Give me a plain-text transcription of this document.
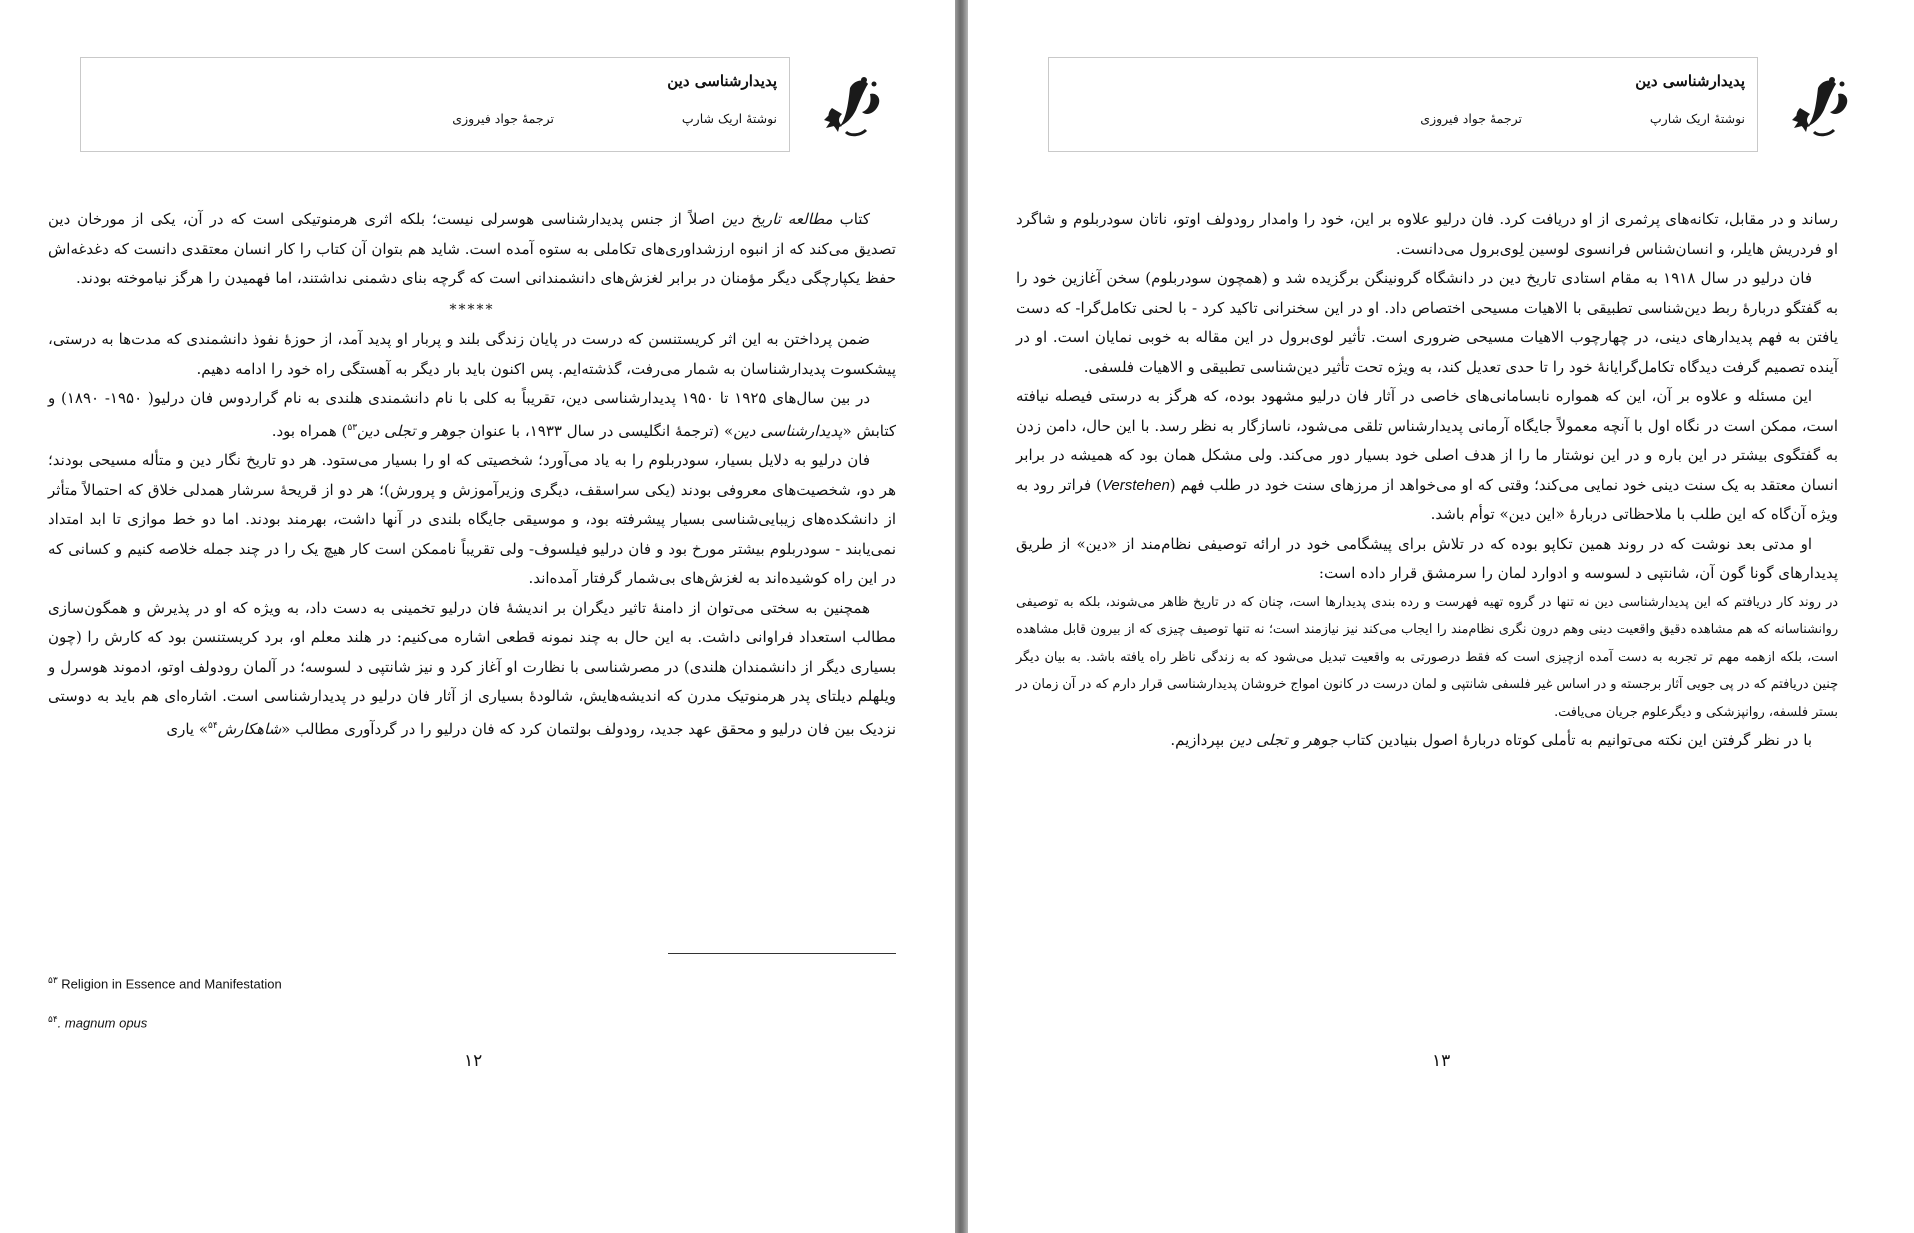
پدیدارشناسی دین
نوشتۀ اریک شارپ
ترجمۀ جواد فیروزی

کتاب مطالعه تاریخ دین اصلاً از جنس پدیدارشناسی هوسرلی نیست؛ بلکه اثری هرمنوتیکی است که در آن، یکی از مورخان دین تصدیق می‌کند که از انبوه ارزشداوری‌های تکاملی به ستوه آمده است. شاید هم بتوان آن کتاب را کار انسان معتقدی دانست که دغدغه‌اش حفظ یکپارچگی دیگر مؤمنان در برابر لغزش‌های دانشمندانی است که گرچه بنای دشمنی نداشتند، اما فهمیدن را هرگز نیاموخته بودند.

*****

ضمن پرداختن به این اثر کریستنسن که درست در پایان زندگی بلند و پربار او پدید آمد، از حوزۀ نفوذ دانشمندی که مدت‌ها به درستی، پیشکسوت پدیدارشناسان به شمار می‌رفت، گذشته‌ایم. پس اکنون باید بار دیگر به آهستگی راه خود را ادامه دهیم.

در بین سال‌های ۱۹۲۵ تا ۱۹۵۰ پدیدارشناسی دین، تقریباً به کلی با نام دانشمندی هلندی به نام گراردوس فان درلیو( ۱۹۵۰- ۱۸۹۰) و کتابش «پدیدارشناسی دین» (ترجمۀ انگلیسی در سال ۱۹۳۳، با عنوان جوهر و تجلی دین$^{۵۳}$) همراه بود.

فان درلیو به دلایل بسیار، سودربلوم را به یاد می‌آورد؛ شخصیتی که او را بسیار می‌ستود. هر دو تاریخ نگار دین و متأله مسیحی بودند؛ هر دو، شخصیت‌های معروفی بودند (یکی سراسقف، دیگری وزیرآموزش و پرورش)؛ هر دو از قریحۀ سرشار همدلی خلاق که احتمالاً متأثر از دانشکده‌های زیبایی‌شناسی بسیار پیشرفته بود، و موسیقی جایگاه بلندی در آنها داشت، بهرمند بودند. اما دو خط موازی تا ابد امتداد نمی‌یابند - سودربلوم بیشتر مورخ بود و فان درلیو فیلسوف- ولی تقریباً ناممکن است کار هیچ یک را در چند جمله خلاصه کنیم و کسانی که در این راه کوشیده‌اند به لغزش‌های بی‌شمار گرفتار آمده‌اند.

همچنین به سختی می‌توان از دامنۀ تاثیر دیگران بر اندیشۀ فان درلیو تخمینی به دست داد، به ویژه که او در پذیرش و همگون‌سازی مطالب استعداد فراوانی داشت. به این حال به چند نمونه قطعی اشاره می‌کنیم: در هلند معلم او، برد کریستنسن بود که کارش را (چون بسیاری دیگر از دانشمندان هلندی) در مصرشناسی با نظارت او آغاز کرد و نیز شانتپی د لسوسه؛ در آلمان رودولف اوتو، ادموند هوسرل و ویلهلم دیلتای پدر هرمنوتیک مدرن که اندیشه‌هایش، شالودۀ بسیاری از آثار فان درلیو در پدیدارشناسی است. اشاره‌ای هم باید به دوستی نزدیک بین فان درلیو و محقق عهد جدید، رودولف بولتمان کرد که فان درلیو را در گردآوری مطالب «شاهکارش$^{۵۴}$» یاری

$^{۵۳}$ Religion in Essence and Manifestation
$^{۵۴}$. magnum opus
۱۲
پدیدارشناسی دین
نوشتۀ اریک شارپ
ترجمۀ جواد فیروزی

رساند و در مقابل، تکانه‌های پرثمری از او دریافت کرد. فان درلیو علاوه بر این، خود را وامدار رودولف اوتو، ناتان سودربلوم و شاگرد او فردریش هایلر، و انسان‌شناس فرانسوی لوسین لِوی‌برول می‌دانست.

فان درلیو در سال ۱۹۱۸ به مقام استادی تاریخ دین در دانشگاه گرونینگن برگزیده شد و (همچون سودربلوم) سخن آغازین خود را به گفتگو دربارۀ ربط دین‌شناسی تطبیقی با الاهیات مسیحی اختصاص داد. او در این سخنرانی تاکید کرد - با لحنی تکامل‌گرا- که دست یافتن به فهم پدیدارهای دینی، در چهارچوب الاهیات مسیحی ضروری است. تأثیر لوی‌برول در این مقاله به خوبی نمایان است. او در آینده تصمیم گرفت دیدگاه تکامل‌گرایانۀ خود را تا حدی تعدیل کند، به ویژه تحت تأثیر دین‌شناسی تطبیقی و الاهیات فلسفی.

این مسئله و علاوه بر آن، این که همواره نابسامانی‌های خاصی در آثار فان درلیو مشهود بوده، که هرگز به درستی فیصله نیافته است، ممکن است در نگاه اول با آنچه معمولاً جایگاه آرمانی پدیدارشناس تلقی می‌شود، ناسازگار به نظر رسد. با این حال، دامن زدن به گفتگوی بیشتر در این باره و در این نوشتار ما را از هدف اصلی خود بسیار دور می‌کند. ولی مشکل همان بود که همیشه در برابر انسان معتقد به یک سنت دینی خود نمایی می‌کند؛ وقتی که او می‌خواهد از مرزهای سنت خود در طلب فهم (Verstehen) فراتر رود به ویژه آن‌گاه که این طلب با ملاحظاتی دربارۀ «این دین» توأم باشد.

او مدتی بعد نوشت که در روند همین تکاپو بوده که در تلاش برای پیشگامی خود در ارائه توصیفی نظام‌مند از «دین» از طریق پدیدارهای گونا گون آن، شانتپی د لسوسه و ادوارد لمان را سرمشق قرار داده است:

در روند کار دریافتم که این پدیدارشناسی دین نه تنها در گروه تهیه فهرست و رده بندی پدیدارها است، چنان که در تاریخ ظاهر می‌شوند، بلکه به توصیفی روانشناسانه که هم مشاهده دقیق واقعیت دینی وهم درون نگری نظام‌مند را ایجاب می‌کند نیز نیازمند است؛ نه تنها توصیف چیزی که از بیرون قابل مشاهده است، بلکه ازهمه مهم تر تجربه به دست آمده ازچیزی است که فقط درصورتی به واقعیت تبدیل می‌شود که به زندگی ناظر راه یافته باشد. به بیان دیگر چنین دریافتم که در پی جویی آثار برجسته و در اساس غیر فلسفی شانتپی و لمان درست در کانون امواج خروشان پدیدارشناسی قرار دارم که در آن زمان در بستر فلسفه، روانپزشکی و دیگرعلوم جریان می‌یافت.

با در نظر گرفتن این نکته می‌توانیم به تأملی کوتاه دربارۀ اصول بنیادین کتاب جوهر و تجلی دین بپردازیم.

۱۳
